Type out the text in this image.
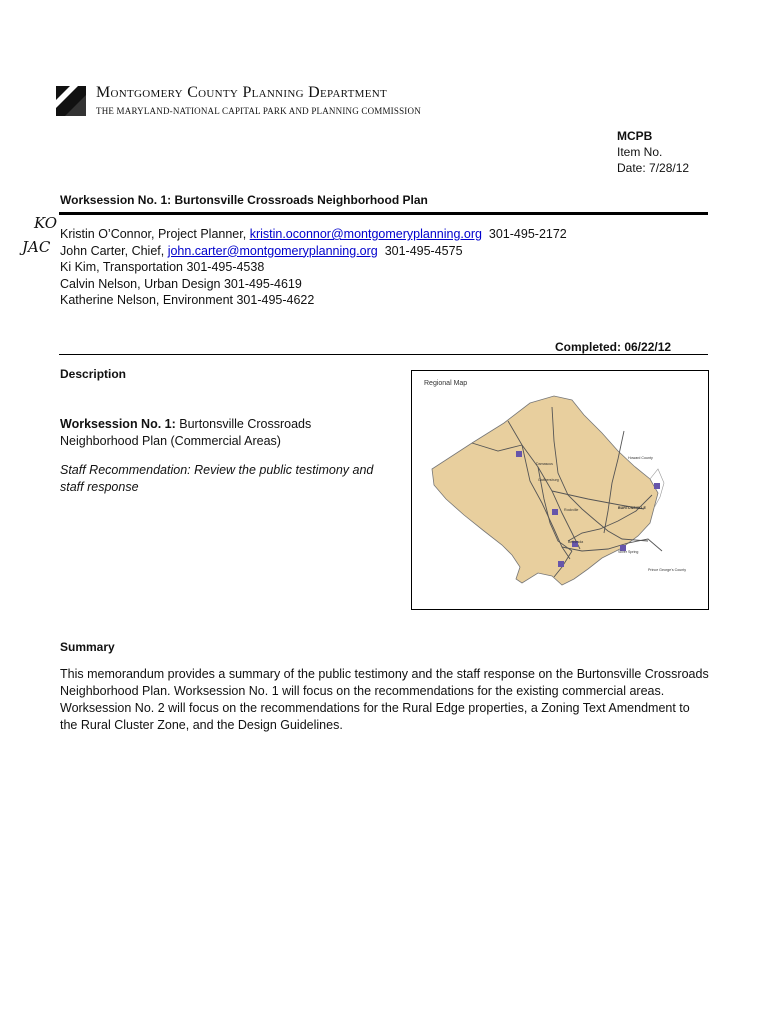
Montgomery County Planning Department
THE MARYLAND-NATIONAL CAPITAL PARK AND PLANNING COMMISSION
MCPB
Item No.
Date: 7/28/12
Worksession No. 1: Burtonsville Crossroads Neighborhood Plan
KO
JAC
Kristin O’Connor, Project Planner, kristin.oconnor@montgomeryplanning.org 301-495-2172
John Carter, Chief, john.carter@montgomeryplanning.org 301-495-4575
Ki Kim, Transportation 301-495-4538
Calvin Nelson, Urban Design 301-495-4619
Katherine Nelson, Environment 301-495-4622
Completed: 06/22/12
Description
Worksession No. 1: Burtonsville Crossroads Neighborhood Plan (Commercial Areas)
Staff Recommendation: Review the public testimony and staff response
Regional Map
Damascus
Gaithersburg
Rockville	BURTONSVILLE
Howard County
Silver Spring
Bethesda
Prince George's County
Summary
This memorandum provides a summary of the public testimony and the staff response on the Burtonsville Crossroads Neighborhood Plan. Worksession No. 1 will focus on the recommendations for the existing commercial areas. Worksession No. 2 will focus on the recommendations for the Rural Edge properties, a Zoning Text Amendment to the Rural Cluster Zone, and the Design Guidelines.
